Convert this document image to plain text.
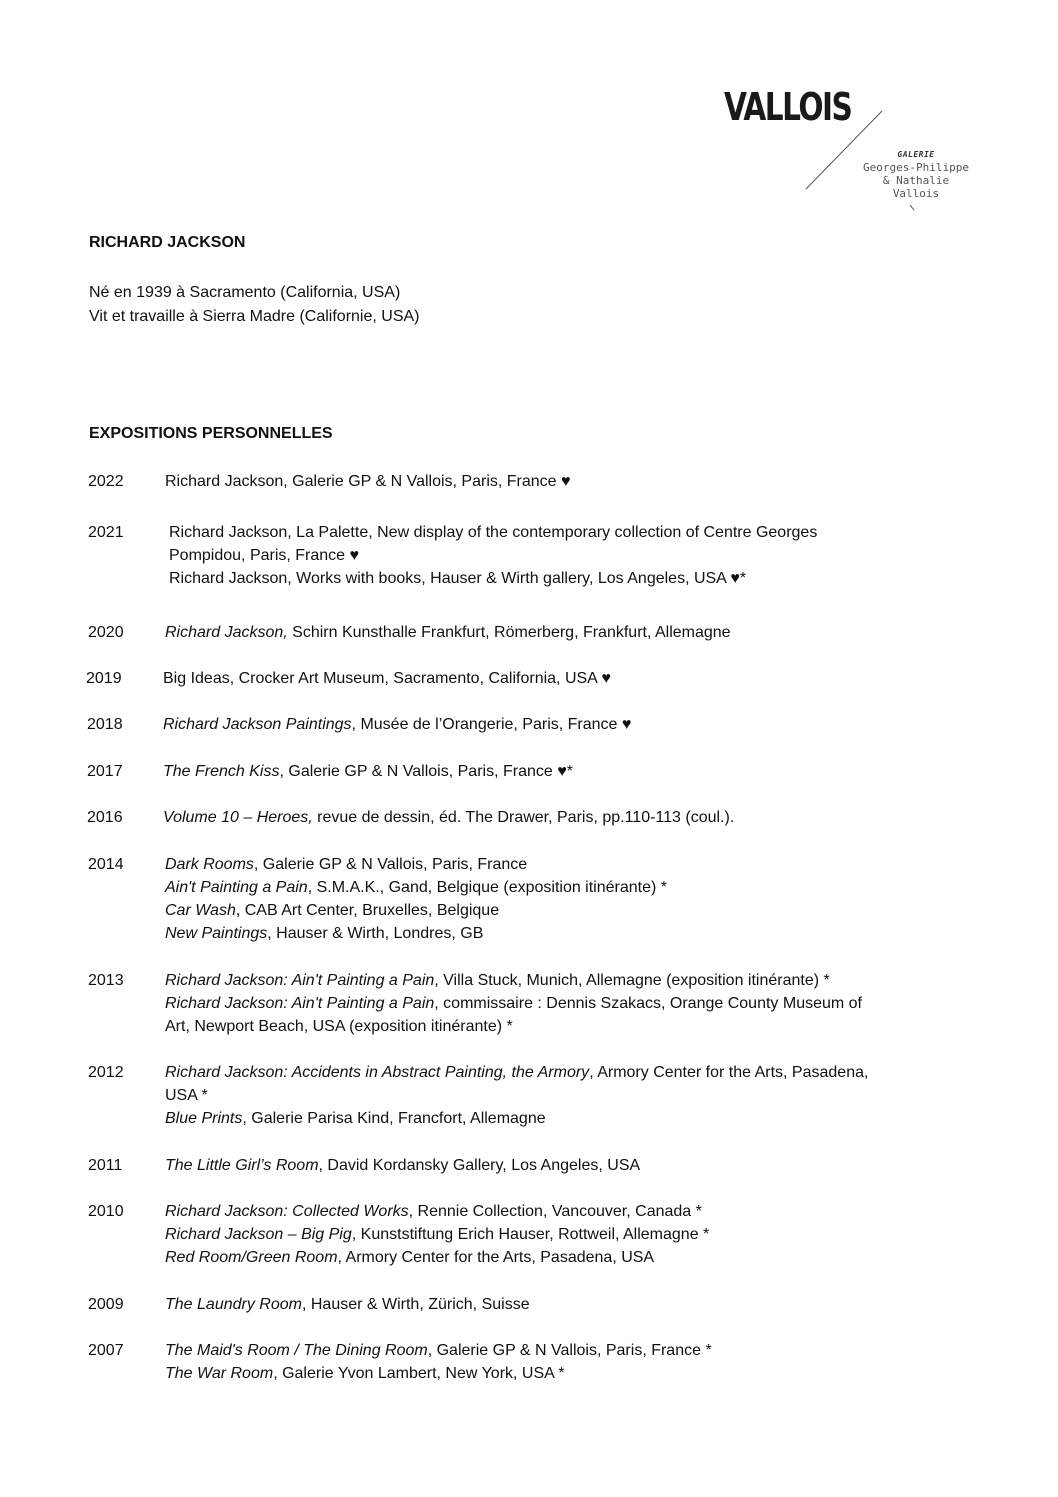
VALLOIS
GALERIE
Georges-Philippe
& Nathalie
Vallois
RICHARD JACKSON
Né en 1939 à Sacramento (California, USA)
Vit et travaille à Sierra Madre (Californie, USA)
EXPOSITIONS PERSONNELLES
2022	Richard Jackson, Galerie GP & N Vallois, Paris, France ♥
2021	Richard Jackson, La Palette, New display of the contemporary collection of Centre Georges
Pompidou, Paris, France ♥
Richard Jackson, Works with books, Hauser & Wirth gallery, Los Angeles, USA ♥*
2020	Richard Jackson, Schirn Kunsthalle Frankfurt, Römerberg, Frankfurt, Allemagne
2019	Big Ideas, Crocker Art Museum, Sacramento, California, USA ♥
2018	Richard Jackson Paintings, Musée de l’Orangerie, Paris, France ♥
2017	The French Kiss, Galerie GP & N Vallois, Paris, France ♥*
2016	Volume 10 – Heroes, revue de dessin, éd. The Drawer, Paris, pp.110-113 (coul.).
2014	Dark Rooms, Galerie GP & N Vallois, Paris, France
Ain't Painting a Pain, S.M.A.K., Gand, Belgique (exposition itinérante) *
Car Wash, CAB Art Center, Bruxelles, Belgique
New Paintings, Hauser & Wirth, Londres, GB
2013	Richard Jackson: Ain't Painting a Pain, Villa Stuck, Munich, Allemagne (exposition itinérante) *
Richard Jackson: Ain't Painting a Pain, commissaire : Dennis Szakacs, Orange County Museum of
Art, Newport Beach, USA (exposition itinérante) *
2012	Richard Jackson: Accidents in Abstract Painting, the Armory, Armory Center for the Arts, Pasadena,
USA *
Blue Prints, Galerie Parisa Kind, Francfort, Allemagne
2011	The Little Girl’s Room, David Kordansky Gallery, Los Angeles, USA
2010	Richard Jackson: Collected Works, Rennie Collection, Vancouver, Canada *
Richard Jackson – Big Pig, Kunststiftung Erich Hauser, Rottweil, Allemagne *
Red Room/Green Room, Armory Center for the Arts, Pasadena, USA
2009	The Laundry Room, Hauser & Wirth, Zürich, Suisse
2007	The Maid's Room / The Dining Room, Galerie GP & N Vallois, Paris, France *
The War Room, Galerie Yvon Lambert, New York, USA *
